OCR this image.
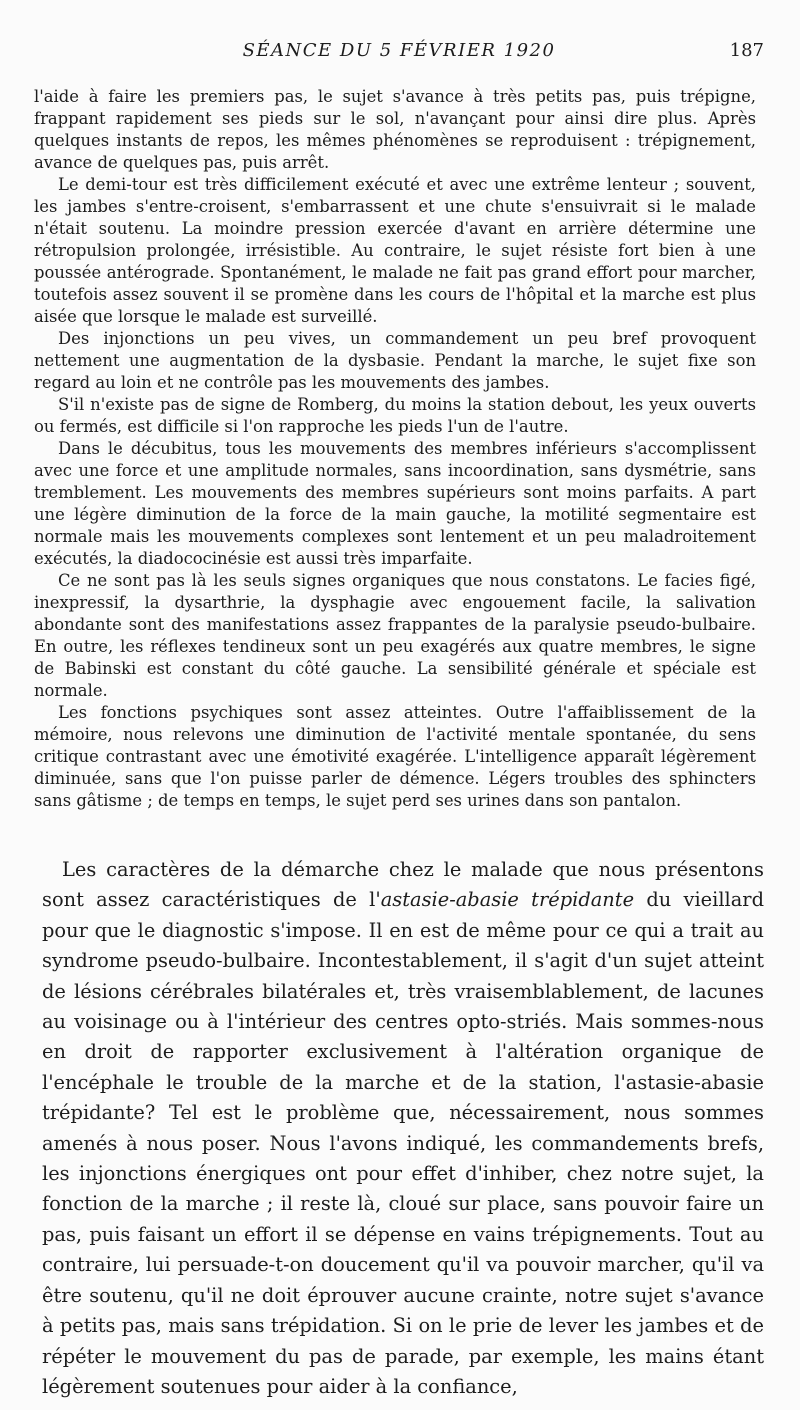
SÉANCE DU 5 FÉVRIER 1920	187

l'aide à faire les premiers pas, le sujet s'avance à très petits pas, puis trépigne, frappant rapidement ses pieds sur le sol, n'avançant pour ainsi dire plus. Après quelques instants de repos, les mêmes phénomènes se reproduisent : trépignement, avance de quelques pas, puis arrêt.

Le demi-tour est très difficilement exécuté et avec une extrême lenteur ; souvent, les jambes s'entre-croisent, s'embarrassent et une chute s'ensuivrait si le malade n'était soutenu. La moindre pression exercée d'avant en arrière détermine une rétropulsion prolongée, irrésistible. Au contraire, le sujet résiste fort bien à une poussée antérograde. Spontanément, le malade ne fait pas grand effort pour marcher, toutefois assez souvent il se promène dans les cours de l'hôpital et la marche est plus aisée que lorsque le malade est surveillé.

Des injonctions un peu vives, un commandement un peu bref provoquent nettement une augmentation de la dysbasie. Pendant la marche, le sujet fixe son regard au loin et ne contrôle pas les mouvements des jambes.

S'il n'existe pas de signe de Romberg, du moins la station debout, les yeux ouverts ou fermés, est difficile si l'on rapproche les pieds l'un de l'autre.

Dans le décubitus, tous les mouvements des membres inférieurs s'accomplissent avec une force et une amplitude normales, sans incoordination, sans dysmétrie, sans tremblement. Les mouvements des membres supérieurs sont moins parfaits. A part une légère diminution de la force de la main gauche, la motilité segmentaire est normale mais les mouvements complexes sont lentement et un peu maladroitement exécutés, la diadococinésie est aussi très imparfaite.

Ce ne sont pas là les seuls signes organiques que nous constatons. Le facies figé, inexpressif, la dysarthrie, la dysphagie avec engouement facile, la salivation abondante sont des manifestations assez frappantes de la paralysie pseudo-bulbaire. En outre, les réflexes tendineux sont un peu exagérés aux quatre membres, le signe de Babinski est constant du côté gauche. La sensibilité générale et spéciale est normale.

Les fonctions psychiques sont assez atteintes. Outre l'affaiblissement de la mémoire, nous relevons une diminution de l'activité mentale spontanée, du sens critique contrastant avec une émotivité exagérée. L'intelligence apparaît légèrement diminuée, sans que l'on puisse parler de démence. Légers troubles des sphincters sans gâtisme ; de temps en temps, le sujet perd ses urines dans son pantalon.

Les caractères de la démarche chez le malade que nous présentons sont assez caractéristiques de l'astasie-abasie trépidante du vieillard pour que le diagnostic s'impose. Il en est de même pour ce qui a trait au syndrome pseudo-bulbaire. Incontestablement, il s'agit d'un sujet atteint de lésions cérébrales bilatérales et, très vraisemblablement, de lacunes au voisinage ou à l'intérieur des centres opto-striés. Mais sommes-nous en droit de rapporter exclusivement à l'altération organique de l'encéphale le trouble de la marche et de la station, l'astasie-abasie trépidante? Tel est le problème que, nécessairement, nous sommes amenés à nous poser. Nous l'avons indiqué, les commandements brefs, les injonctions énergiques ont pour effet d'inhiber, chez notre sujet, la fonction de la marche ; il reste là, cloué sur place, sans pouvoir faire un pas, puis faisant un effort il se dépense en vains trépignements. Tout au contraire, lui persuade-t-on doucement qu'il va pouvoir marcher, qu'il va être soutenu, qu'il ne doit éprouver aucune crainte, notre sujet s'avance à petits pas, mais sans trépidation. Si on le prie de lever les jambes et de répéter le mouvement du pas de parade, par exemple, les mains étant légèrement soutenues pour aider à la confiance,
